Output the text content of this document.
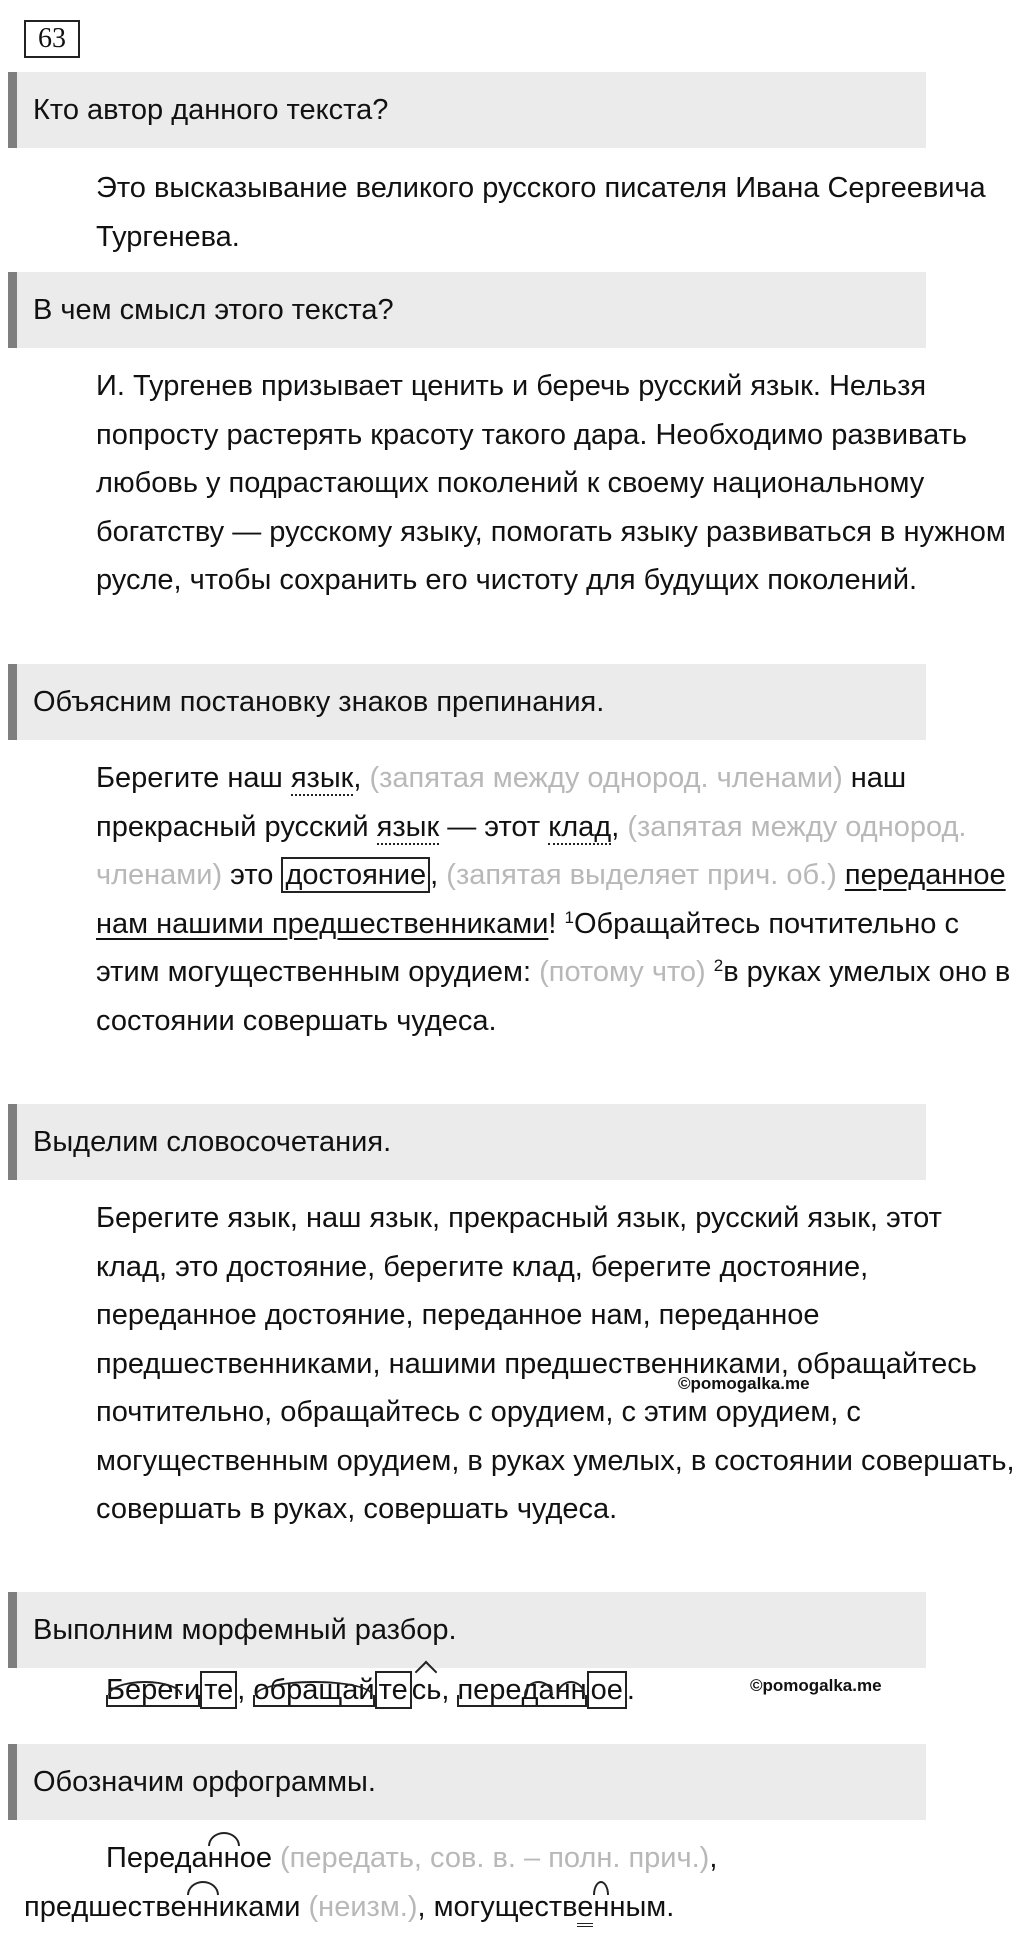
63
Кто автор данного текста?
Это высказывание великого русского писателя Ивана Сергеевича Тургенева.
В чем смысл этого текста?
И. Тургенев призывает ценить и беречь русский язык. Нельзя попросту растерять красоту такого дара. Необходимо развивать любовь у подрастающих поколений к своему национальному богатству — русскому языку, помогать языку развиваться в нужном русле, чтобы сохранить его чистоту для будущих поколений.
Объясним постановку знаков препинания.
Берегите наш язык, (запятая между однород. членами) наш прекрасный русский язык — этот клад, (запятая между однород. членами) это достояние , (запятая выделяет прич. об.) переданное нам нашими предшественниками! $^1$Обращайтесь почтительно с этим могущественным орудием: (потому что) $^2$в руках умелых оно в состоянии совершать чудеса.
Выделим словосочетания.
Берегите язык, наш язык, прекрасный язык, русский язык, этот клад, это достояние, берегите клад, берегите достояние, переданное достояние, переданное нам, переданное предшественниками, нашими предшественниками, обращайтесь почтительно, обращайтесь с орудием, с этим орудием, с могущественным орудием, в руках умелых, в состоянии совершать, совершать в руках, совершать чудеса.
©pomogalka.me
Выполним морфемный разбор.
Береги те , обращай те сь, переданн ое .	©pomogalka.me
Обозначим орфограммы.
Переданное (передать, сов. в. – полн. прич.),
предшественниками (неизм.), могущественным.
